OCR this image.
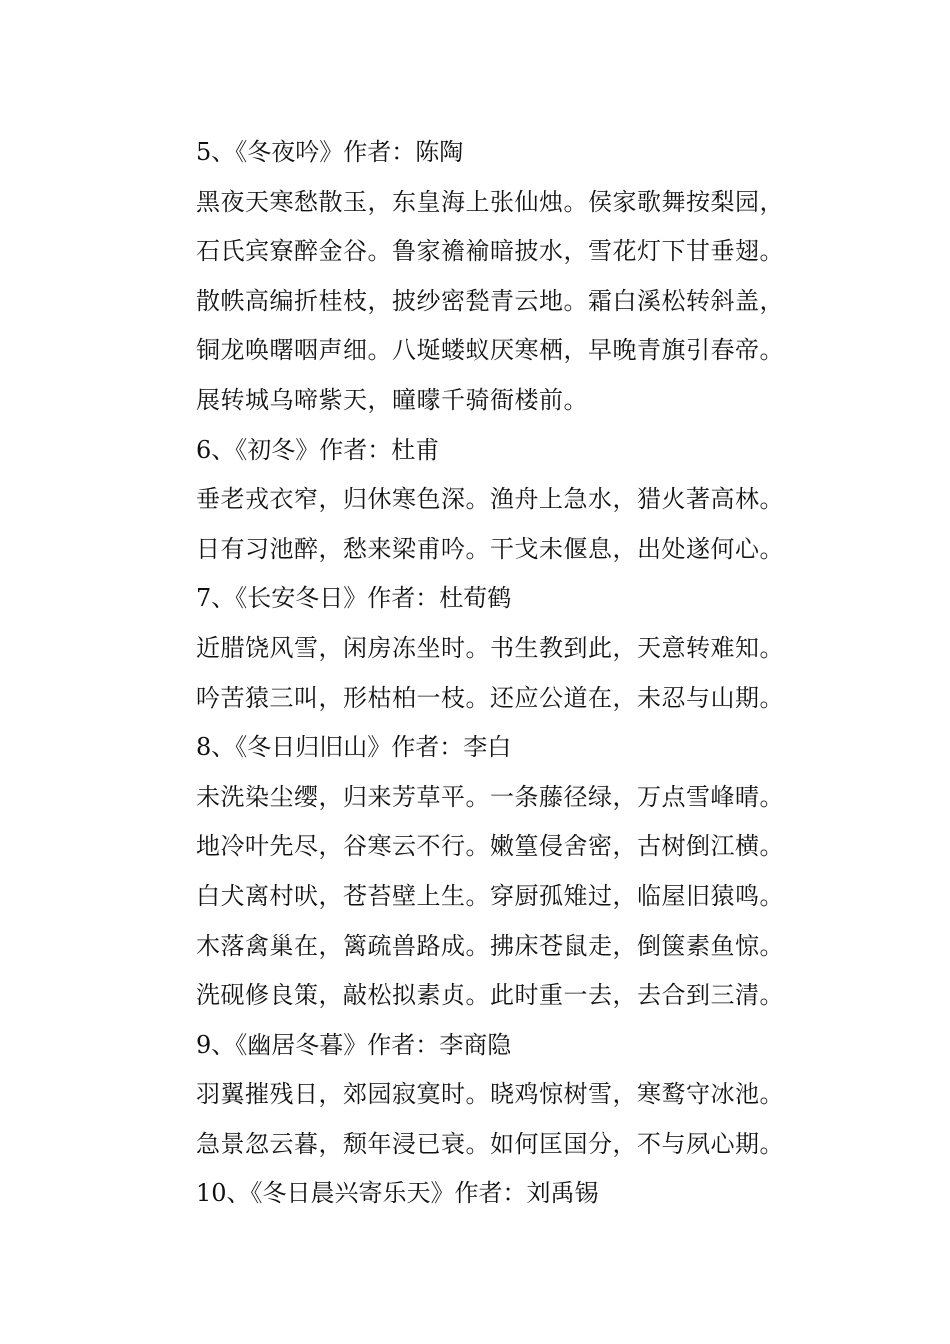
5、《冬夜吟》作者：陈陶
黑夜天寒愁散玉，东皇海上张仙烛。侯家歌舞按梨园，
石氏宾寮醉金谷。鲁家襜褕暗披水，雪花灯下甘垂翅。
散帙高编折桂枝，披纱密甃青云地。霜白溪松转斜盖，
铜龙唤曙咽声细。八埏蝼蚁厌寒栖，早晚青旗引春帝。
展转城乌啼紫天，曈曚千骑衙楼前。
6、《初冬》作者：杜甫
垂老戎衣窄，归休寒色深。渔舟上急水，猎火著高林。
日有习池醉，愁来梁甫吟。干戈未偃息，出处遂何心。
7、《长安冬日》作者：杜荀鹤
近腊饶风雪，闲房冻坐时。书生教到此，天意转难知。
吟苦猿三叫，形枯柏一枝。还应公道在，未忍与山期。
8、《冬日归旧山》作者：李白
未洗染尘缨，归来芳草平。一条藤径绿，万点雪峰晴。
地冷叶先尽，谷寒云不行。嫩篁侵舍密，古树倒江横。
白犬离村吠，苍苔壁上生。穿厨孤雉过，临屋旧猿鸣。
木落禽巢在，篱疏兽路成。拂床苍鼠走，倒箧素鱼惊。
洗砚修良策，敲松拟素贞。此时重一去，去合到三清。
9、《幽居冬暮》作者：李商隐
羽翼摧残日，郊园寂寞时。晓鸡惊树雪，寒鹜守冰池。
急景忽云暮，颓年浸已衰。如何匡国分，不与夙心期。
10、《冬日晨兴寄乐天》作者：刘禹锡
